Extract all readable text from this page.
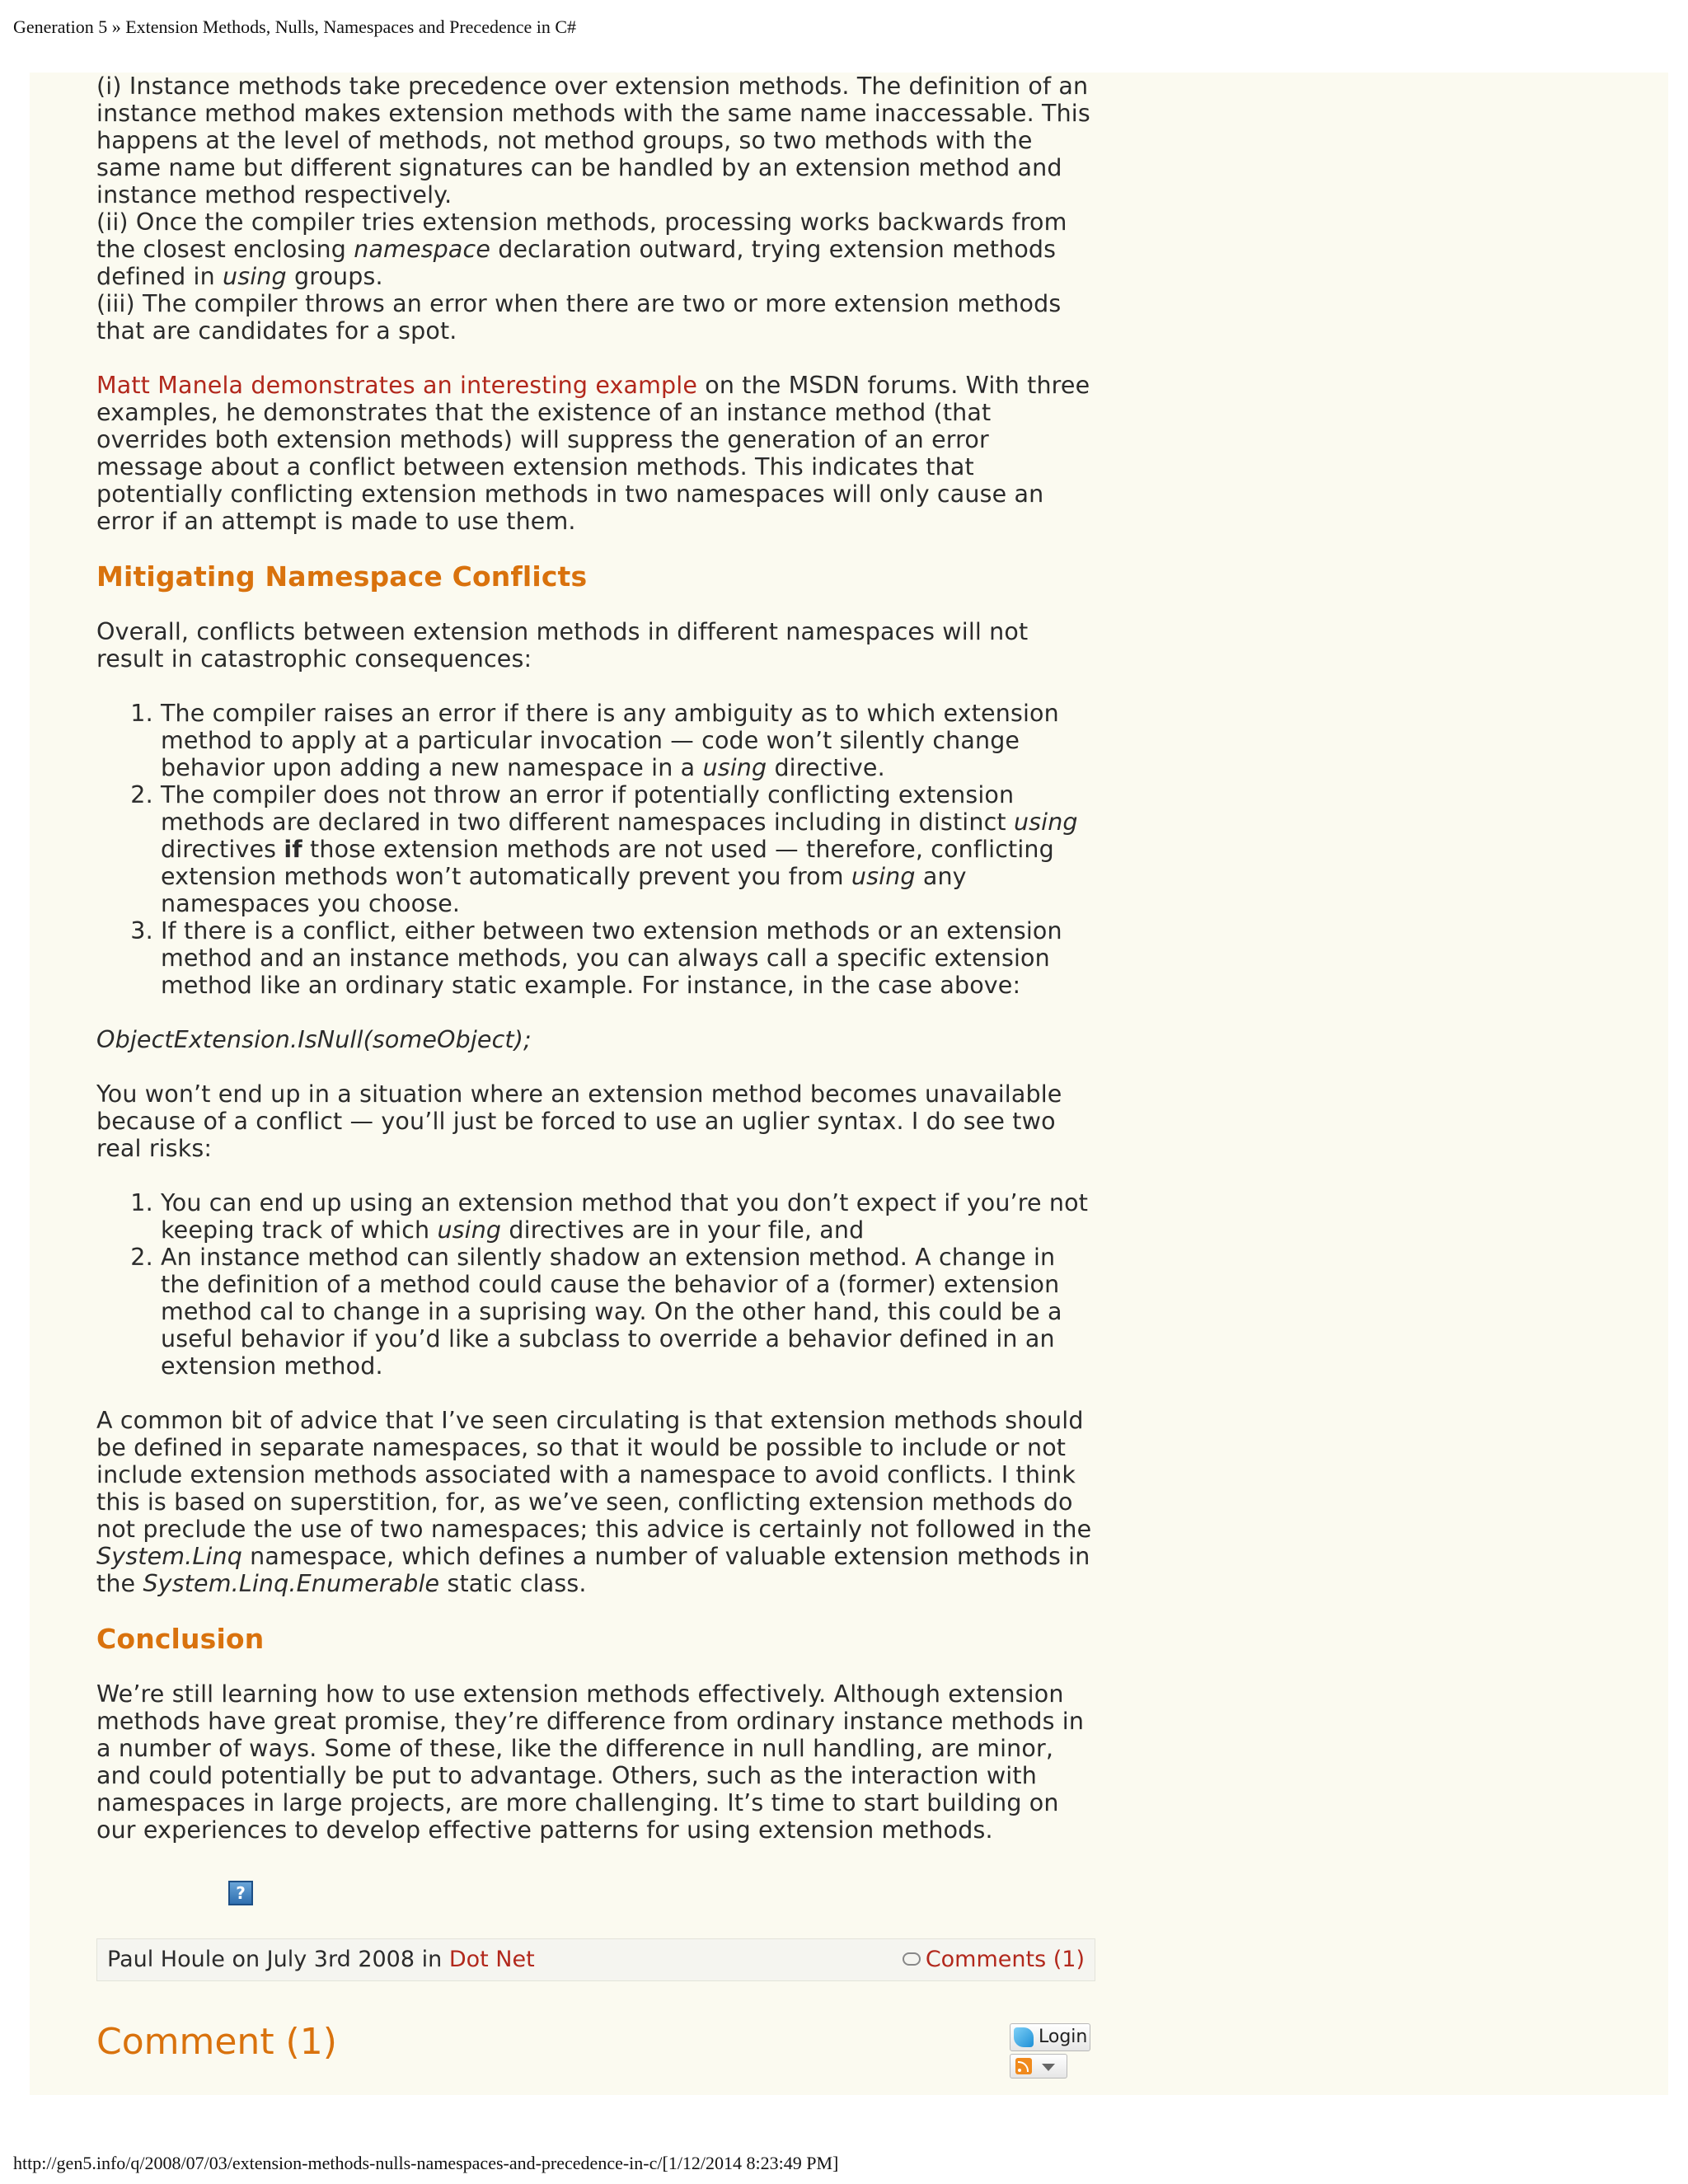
Generation 5 » Extension Methods, Nulls, Namespaces and Precedence in C#

(i) Instance methods take precedence over extension methods. The definition of an instance method makes extension methods with the same name inaccessable. This happens at the level of methods, not method groups, so two methods with the same name but different signatures can be handled by an extension method and instance method respectively.

(ii) Once the compiler tries extension methods, processing works backwards from the closest enclosing namespace declaration outward, trying extension methods defined in using groups.

(iii) The compiler throws an error when there are two or more extension methods that are candidates for a spot.

Matt Manela demonstrates an interesting example on the MSDN forums. With three examples, he demonstrates that the existence of an instance method (that overrides both extension methods) will suppress the generation of an error message about a conflict between extension methods. This indicates that potentially conflicting extension methods in two namespaces will only cause an error if an attempt is made to use them.

Mitigating Namespace Conflicts

Overall, conflicts between extension methods in different namespaces will not result in catastrophic consequences:

1. The compiler raises an error if there is any ambiguity as to which extension method to apply at a particular invocation — code won’t silently change behavior upon adding a new namespace in a using directive.
2. The compiler does not throw an error if potentially conflicting extension methods are declared in two different namespaces including in distinct using directives if those extension methods are not used — therefore, conflicting extension methods won’t automatically prevent you from using any namespaces you choose.
3. If there is a conflict, either between two extension methods or an extension method and an instance methods, you can always call a specific extension method like an ordinary static example. For instance, in the case above:

ObjectExtension.IsNull(someObject);

You won’t end up in a situation where an extension method becomes unavailable because of a conflict — you’ll just be forced to use an uglier syntax. I do see two real risks:

1. You can end up using an extension method that you don’t expect if you’re not keeping track of which using directives are in your file, and
2. An instance method can silently shadow an extension method. A change in the definition of a method could cause the behavior of a (former) extension method cal to change in a suprising way. On the other hand, this could be a useful behavior if you’d like a subclass to override a behavior defined in an extension method.

A common bit of advice that I’ve seen circulating is that extension methods should be defined in separate namespaces, so that it would be possible to include or not include extension methods associated with a namespace to avoid conflicts. I think this is based on superstition, for, as we’ve seen, conflicting extension methods do not preclude the use of two namespaces; this advice is certainly not followed in the System.Linq namespace, which defines a number of valuable extension methods in the System.Linq.Enumerable static class.

Conclusion

We’re still learning how to use extension methods effectively. Although extension methods have great promise, they’re difference from ordinary instance methods in a number of ways. Some of these, like the difference in null handling, are minor, and could potentially be put to advantage. Others, such as the interaction with namespaces in large projects, are more challenging. It’s time to start building on our experiences to develop effective patterns for using extension methods.

?
Paul Houle on July 3rd 2008 in Dot Net	Comments (1)
Comment (1)	Login
http://gen5.info/q/2008/07/03/extension-methods-nulls-namespaces-and-precedence-in-c/[1/12/2014 8:23:49 PM]
